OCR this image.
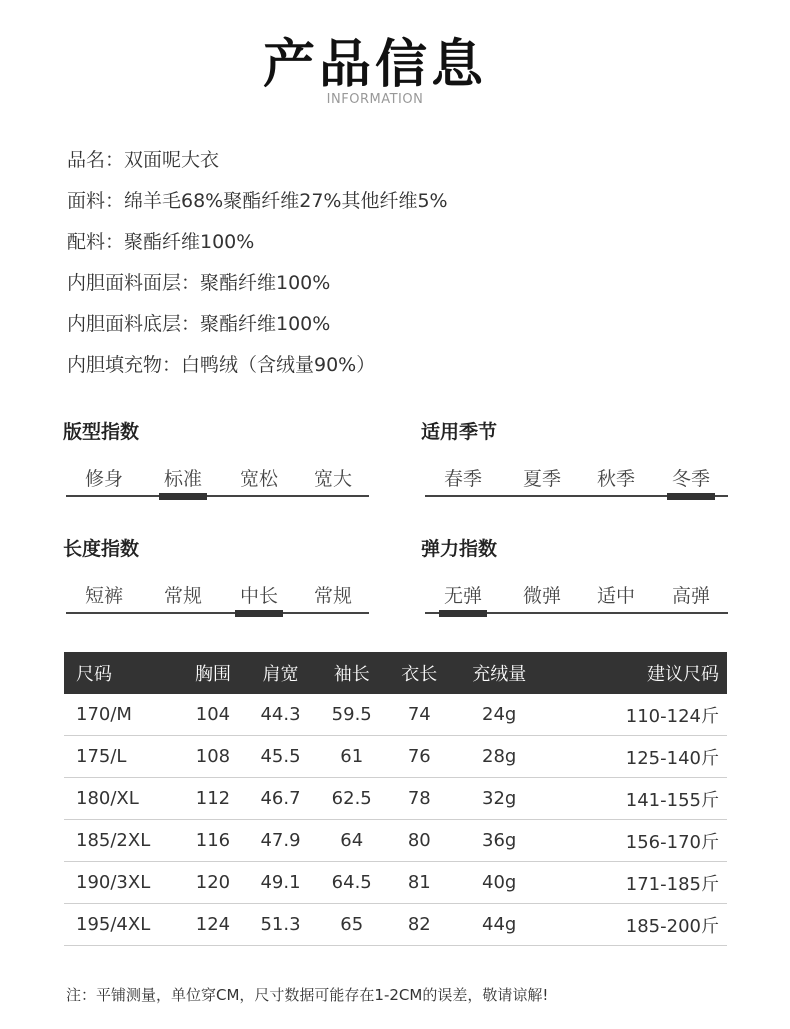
产品信息
INFORMATION
品名：双面呢大衣
面料：绵羊毛68%聚酯纤维27%其他纤维5%
配料：聚酯纤维100%
内胆面料面层：聚酯纤维100%
内胆面料底层：聚酯纤维100%
内胆填充物：白鸭绒（含绒量90%）
版型指数
修身	标准	宽松	宽大
适用季节
春季	夏季	秋季	冬季
长度指数
短裤	常规	中长	常规
弹力指数
无弹	微弹	适中	高弹
尺码	胸围	肩宽	袖长	衣长	充绒量	建议尺码
170/M	104	44.3	59.5	74	24g	110-124斤
175/L	108	45.5	61	76	28g	125-140斤
180/XL	112	46.7	62.5	78	32g	141-155斤
185/2XL	116	47.9	64	80	36g	156-170斤
190/3XL	120	49.1	64.5	81	40g	171-185斤
195/4XL	124	51.3	65	82	44g	185-200斤
注：平铺测量，单位穿CM，尺寸数据可能存在1-2CM的误差，敬请谅解!
